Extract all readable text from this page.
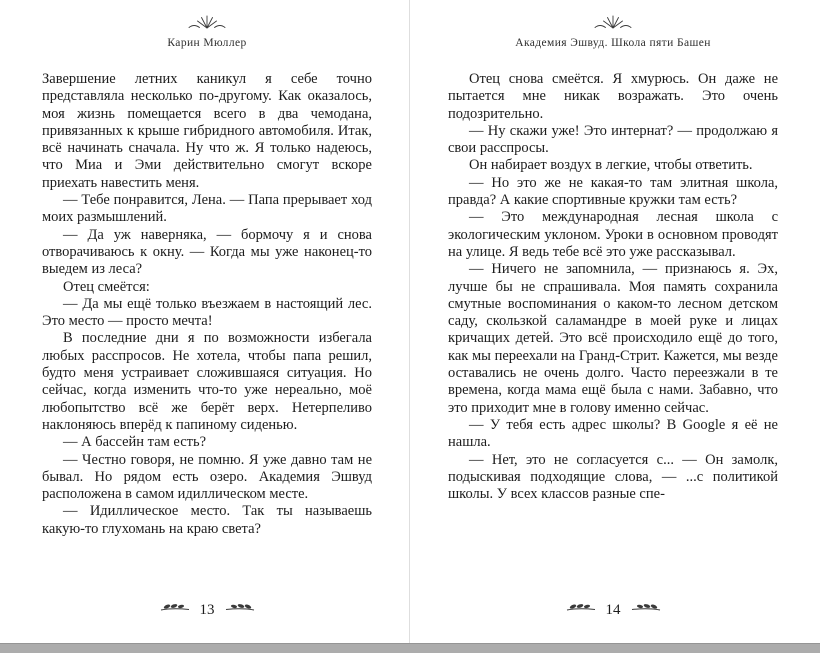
Карин Мюллер

Завершение летних каникул я себе точно представляла несколько по-другому. Как оказалось, моя жизнь помещается всего в два чемодана, привязанных к крыше гибридного автомобиля. Итак, всё начинать сначала. Ну что ж. Я только надеюсь, что Миа и Эми действительно смогут вскоре приехать навестить меня.

— Тебе понравится, Лена. — Папа прерывает ход моих размышлений.

— Да уж наверняка, — бормочу я и снова отворачиваюсь к окну. — Когда мы уже наконец-то выедем из леса?

Отец смеётся:

— Да мы ещё только въезжаем в настоящий лес. Это место — просто мечта!

В последние дни я по возможности избегала любых расспросов. Не хотела, чтобы папа решил, будто меня устраивает сложившаяся ситуация. Но сейчас, когда изменить что-то уже нереально, моё любопытство всё же берёт верх. Нетерпеливо наклоняюсь вперёд к папиному сиденью.

— А бассейн там есть?

— Честно говоря, не помню. Я уже давно там не бывал. Но рядом есть озеро. Академия Эшвуд расположена в самом идиллическом месте.

— Идиллическое место. Так ты называешь какую-то глухомань на краю света?

13
Академия Эшвуд. Школа пяти Башен

Отец снова смеётся. Я хмурюсь. Он даже не пытается мне никак возражать. Это очень подозрительно.

— Ну скажи уже! Это интернат? — продолжаю я свои расспросы.

Он набирает воздух в легкие, чтобы ответить.

— Но это же не какая-то там элитная школа, правда? А какие спортивные кружки там есть?

— Это международная лесная школа с экологическим уклоном. Уроки в основном проводят на улице. Я ведь тебе всё это уже рассказывал.

— Ничего не запомнила, — признаюсь я. Эх, лучше бы не спрашивала. Моя память сохранила смутные воспоминания о каком-то лесном детском саду, скользкой саламандре в моей руке и лицах кричащих детей. Это всё происходило ещё до того, как мы переехали на Гранд-Стрит. Кажется, мы везде оставались не очень долго. Часто переезжали в те времена, когда мама ещё была с нами. Забавно, что это приходит мне в голову именно сейчас.

— У тебя есть адрес школы? В Google я её не нашла.

— Нет, это не согласуется с... — Он замолк, подыскивая подходящие слова, — ...с политикой школы. У всех классов разные спе-

14
